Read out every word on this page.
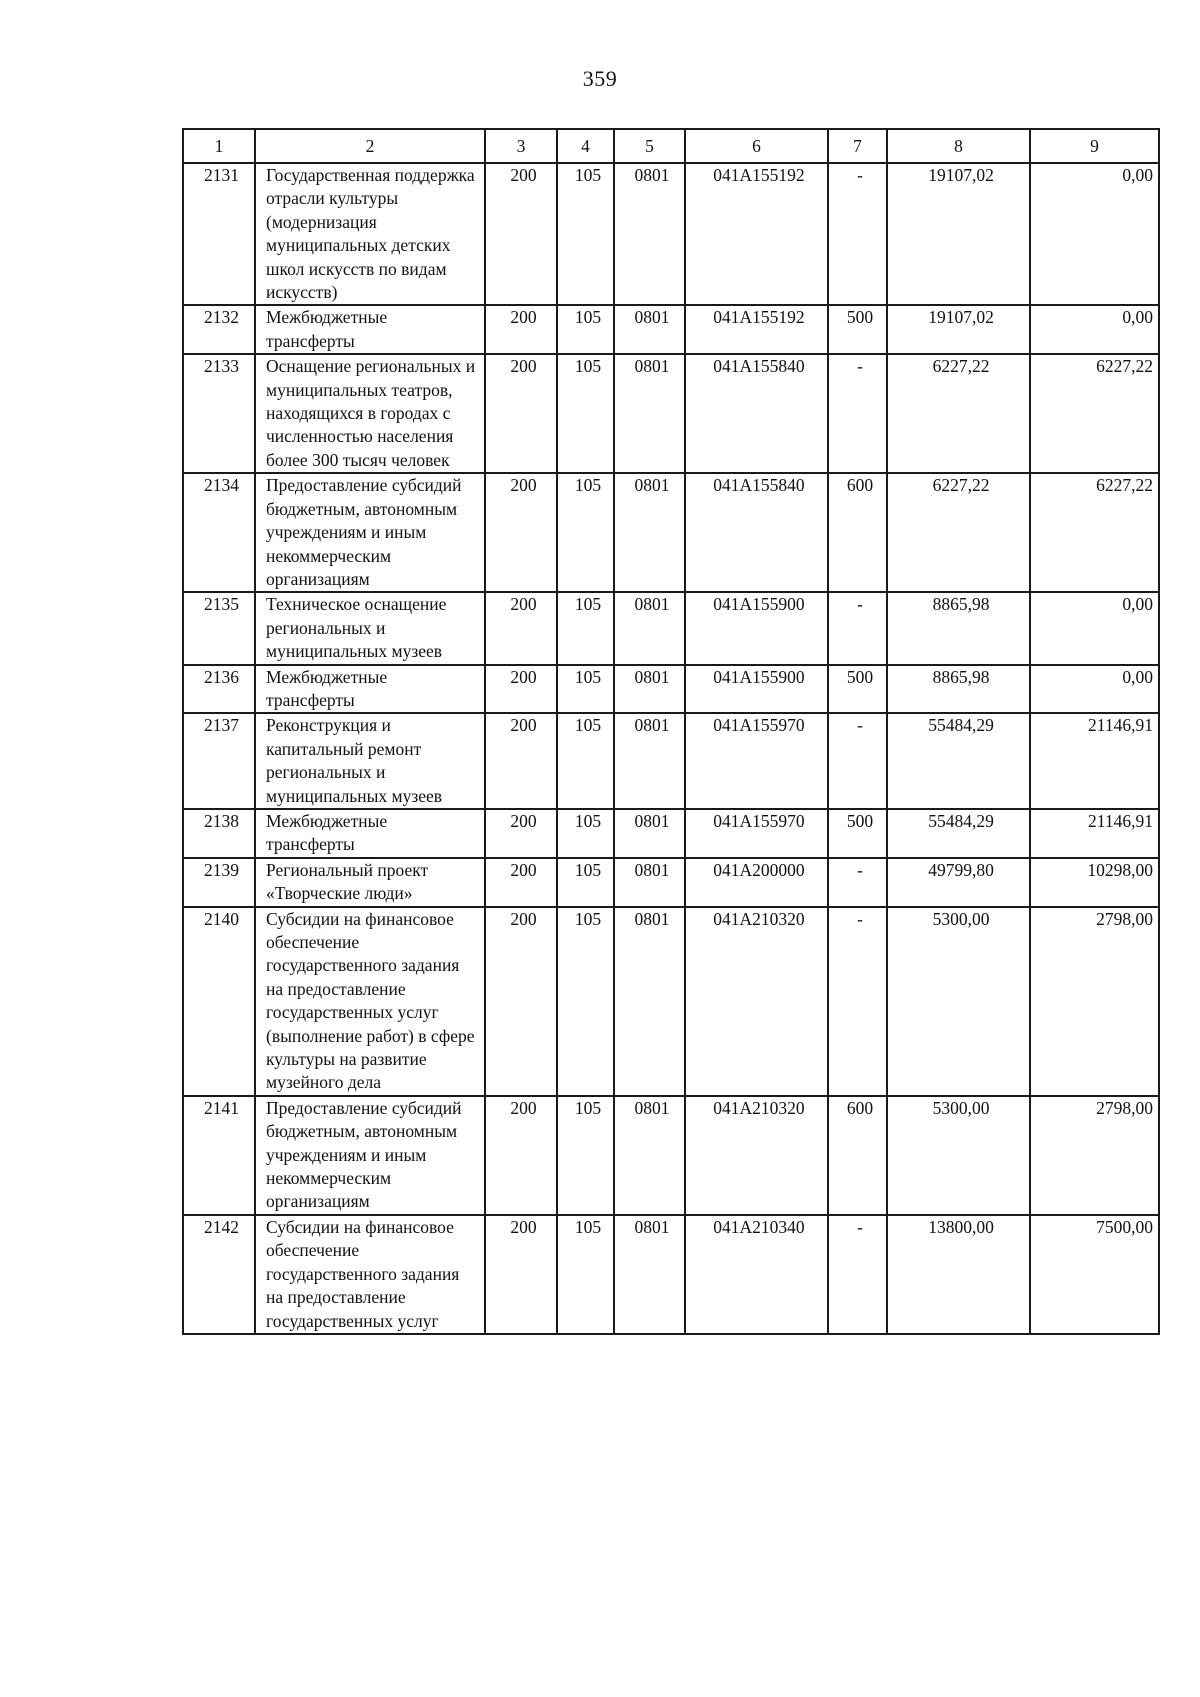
359
1	2	3	4	5	6	7	8	9
2131	Государственная поддержка отрасли культуры (модернизация муниципальных детских школ искусств по видам искусств)	200	105	0801	041A155192	-	19107,02	0,00
2132	Межбюджетные трансферты	200	105	0801	041A155192	500	19107,02	0,00
2133	Оснащение региональных и муниципальных театров, находящихся в городах с численностью населения более 300 тысяч человек	200	105	0801	041A155840	-	6227,22	6227,22
2134	Предоставление субсидий бюджетным, автономным учреждениям и иным некоммерческим организациям	200	105	0801	041A155840	600	6227,22	6227,22
2135	Техническое оснащение региональных и муниципальных музеев	200	105	0801	041A155900	-	8865,98	0,00
2136	Межбюджетные трансферты	200	105	0801	041A155900	500	8865,98	0,00
2137	Реконструкция и капитальный ремонт региональных и муниципальных музеев	200	105	0801	041A155970	-	55484,29	21146,91
2138	Межбюджетные трансферты	200	105	0801	041A155970	500	55484,29	21146,91
2139	Региональный проект «Творческие люди»	200	105	0801	041A200000	-	49799,80	10298,00
2140	Субсидии на финансовое обеспечение государственного задания на предоставление государственных услуг (выполнение работ) в сфере культуры на развитие музейного дела	200	105	0801	041A210320	-	5300,00	2798,00
2141	Предоставление субсидий бюджетным, автономным учреждениям и иным некоммерческим организациям	200	105	0801	041A210320	600	5300,00	2798,00
2142	Субсидии на финансовое обеспечение государственного задания на предоставление государственных услуг	200	105	0801	041A210340	-	13800,00	7500,00
